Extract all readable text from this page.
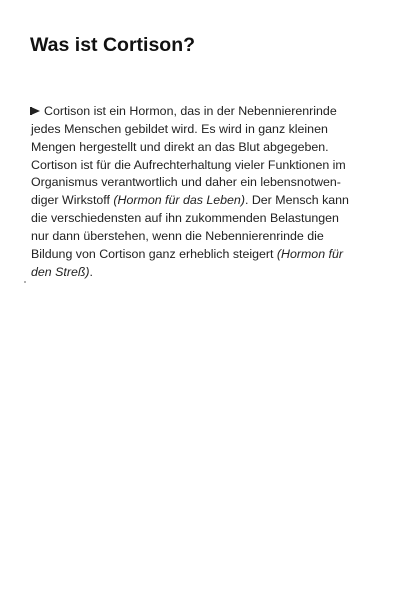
Was ist Cortison?
Cortison ist ein Hormon, das in der Nebennierenrinde
jedes Menschen gebildet wird. Es wird in ganz kleinen
Mengen hergestellt und direkt an das Blut abgegeben.
Cortison ist für die Aufrechterhaltung vieler Funktionen im
Organismus verantwortlich und daher ein lebensnotwen-
diger Wirkstoff (Hormon für das Leben). Der Mensch kann
die verschiedensten auf ihn zukommenden Belastungen
nur dann überstehen, wenn die Nebennierenrinde die
Bildung von Cortison ganz erheblich steigert (Hormon für
den Streß).
